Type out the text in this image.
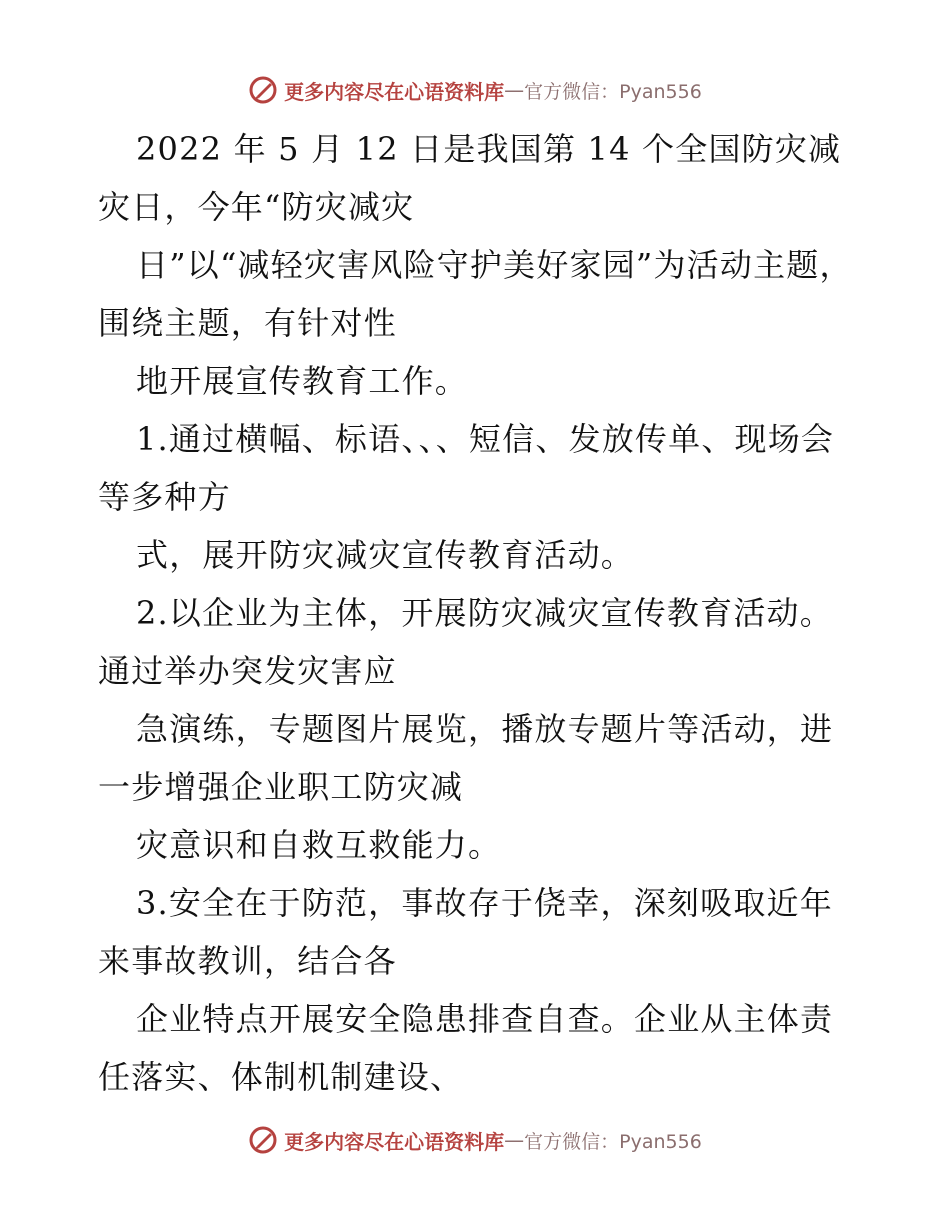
更多内容尽在心语资料库 — 官方微信：Pyan556

2022 年 5 月 12 日是我国第 14 个全国防灾减灾日，今年“防灾减灾

日”以“减轻灾害风险守护美好家园”为活动主题，围绕主题，有针对性

地开展宣传教育工作。

1.通过横幅、标语、、、短信、发放传单、现场会等多种方

式，展开防灾减灾宣传教育活动。

2.以企业为主体，开展防灾减灾宣传教育活动。通过举办突发灾害应

急演练，专题图片展览，播放专题片等活动，进一步增强企业职工防灾减

灾意识和自救互救能力。

3.安全在于防范，事故存于侥幸，深刻吸取近年来事故教训，结合各

企业特点开展安全隐患排查自查。企业从主体责任落实、体制机制建设、

更多内容尽在心语资料库 — 官方微信：Pyan556
